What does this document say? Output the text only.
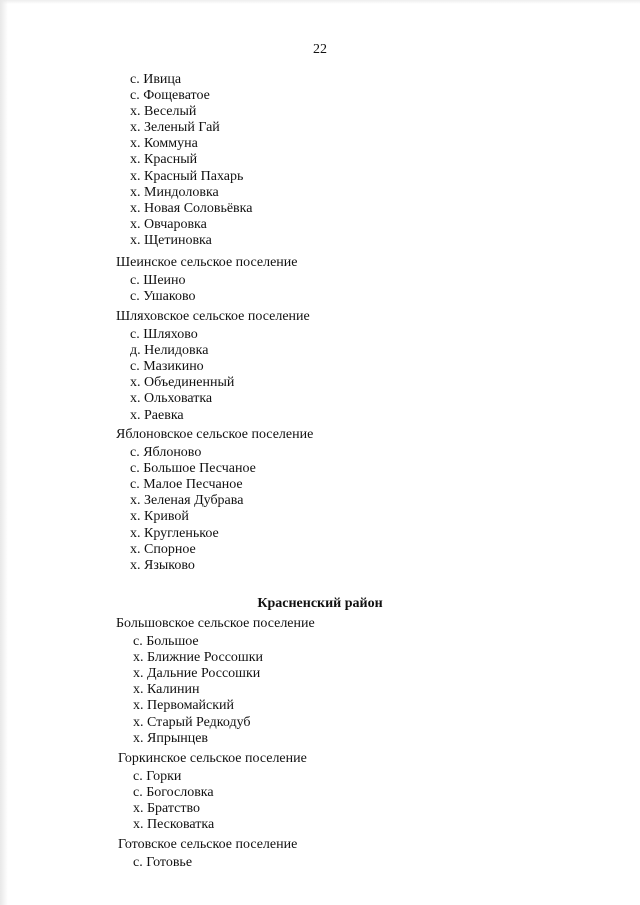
22
с. Ивица
с. Фощеватое
х. Веселый
х. Зеленый Гай
х. Коммуна
х. Красный
х. Красный Пахарь
х. Миндоловка
х. Новая Соловьёвка
х. Овчаровка
х. Щетиновка
Шеинское сельское поселение
с. Шеино
с. Ушаково
Шляховское сельское поселение
с. Шляхово
д. Нелидовка
с. Мазикино
х. Объединенный
х. Ольховатка
х. Раевка
Яблоновское сельское поселение
с. Яблоново
с. Большое Песчаное
с. Малое Песчаное
х. Зеленая Дубрава
х. Кривой
х. Кругленькое
х. Спорное
х. Языково
Красненский район
Большовское сельское поселение
с. Большое
х. Ближние Россошки
х. Дальние Россошки
х. Калинин
х. Первомайский
х. Старый Редкодуб
х. Япрынцев
Горкинское сельское поселение
с. Горки
с. Богословка
х. Братство
х. Песковатка
Готовское сельское поселение
с. Готовье
